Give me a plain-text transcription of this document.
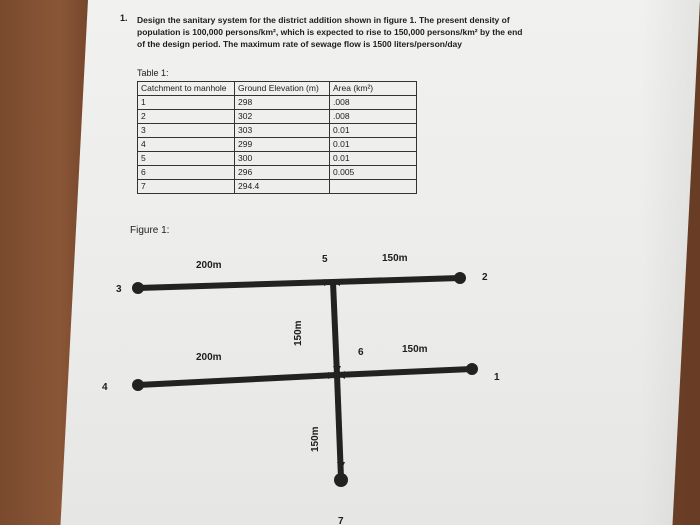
1. Design the sanitary system for the district addition shown in figure 1. The present density of

population is 100,000 persons/km², which is expected to rise to 150,000 persons/km² by the end

of the design period. The maximum rate of sewage flow is 1500 liters/person/day

Table 1:
Catchment to manhole	Ground Elevation (m)	Area (km²)
1	298	.008
2	302	.008
3	303	0.01
4	299	0.01
5	300	0.01
6	296	0.005
7	294.4	
Figure 1:
3
2
4
1
5
6
7
200m
150m
200m
150m
150m
150m
